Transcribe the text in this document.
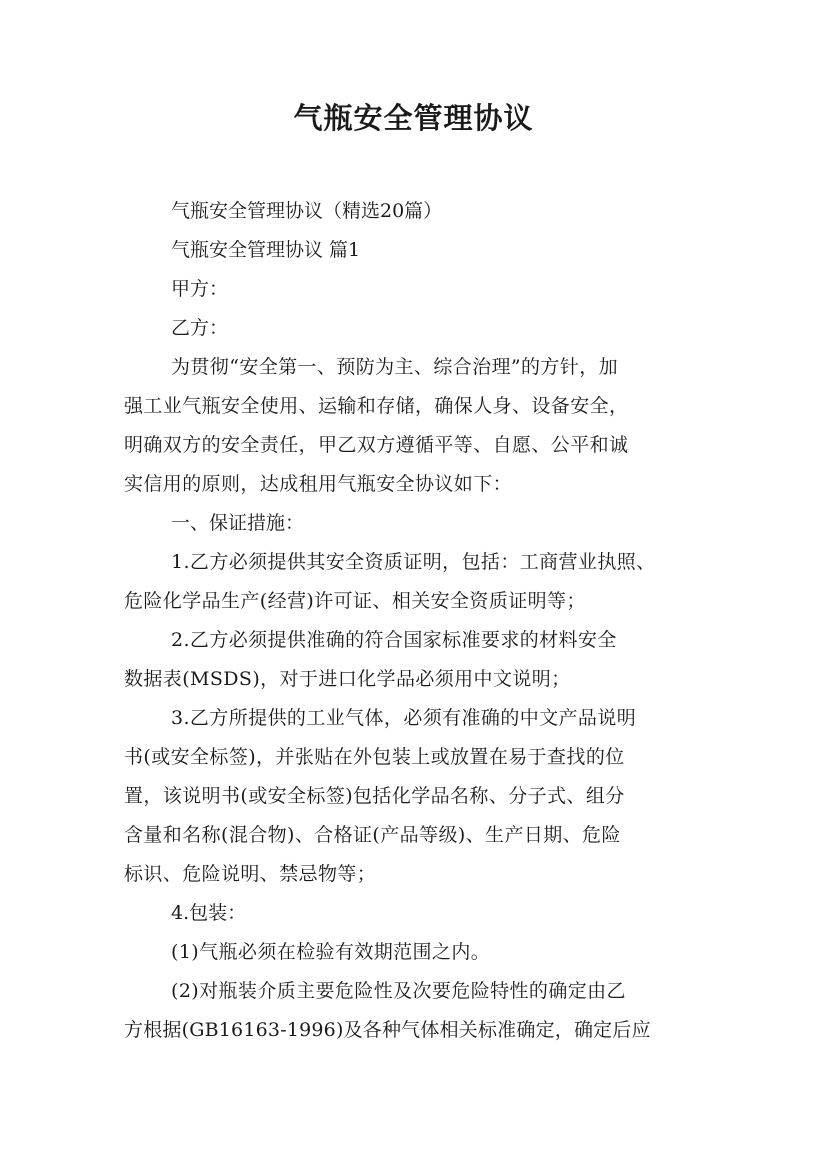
气瓶安全管理协议
气瓶安全管理协议（精选20篇）
气瓶安全管理协议 篇1
甲方：
乙方：
为贯彻“安全第一、预防为主、综合治理”的方针，加
强工业气瓶安全使用、运输和存储，确保人身、设备安全，
明确双方的安全责任，甲乙双方遵循平等、自愿、公平和诚
实信用的原则，达成租用气瓶安全协议如下：
一、保证措施：
1.乙方必须提供其安全资质证明，包括：工商营业执照、
危险化学品生产(经营)许可证、相关安全资质证明等；
2.乙方必须提供准确的符合国家标准要求的材料安全
数据表(MSDS)，对于进口化学品必须用中文说明；
3.乙方所提供的工业气体，必须有准确的中文产品说明
书(或安全标签)，并张贴在外包装上或放置在易于查找的位
置，该说明书(或安全标签)包括化学品名称、分子式、组分
含量和名称(混合物)、合格证(产品等级)、生产日期、危险
标识、危险说明、禁忌物等；
4.包装：
(1)气瓶必须在检验有效期范围之内。
(2)对瓶装介质主要危险性及次要危险特性的确定由乙
方根据(GB16163-1996)及各种气体相关标准确定，确定后应
